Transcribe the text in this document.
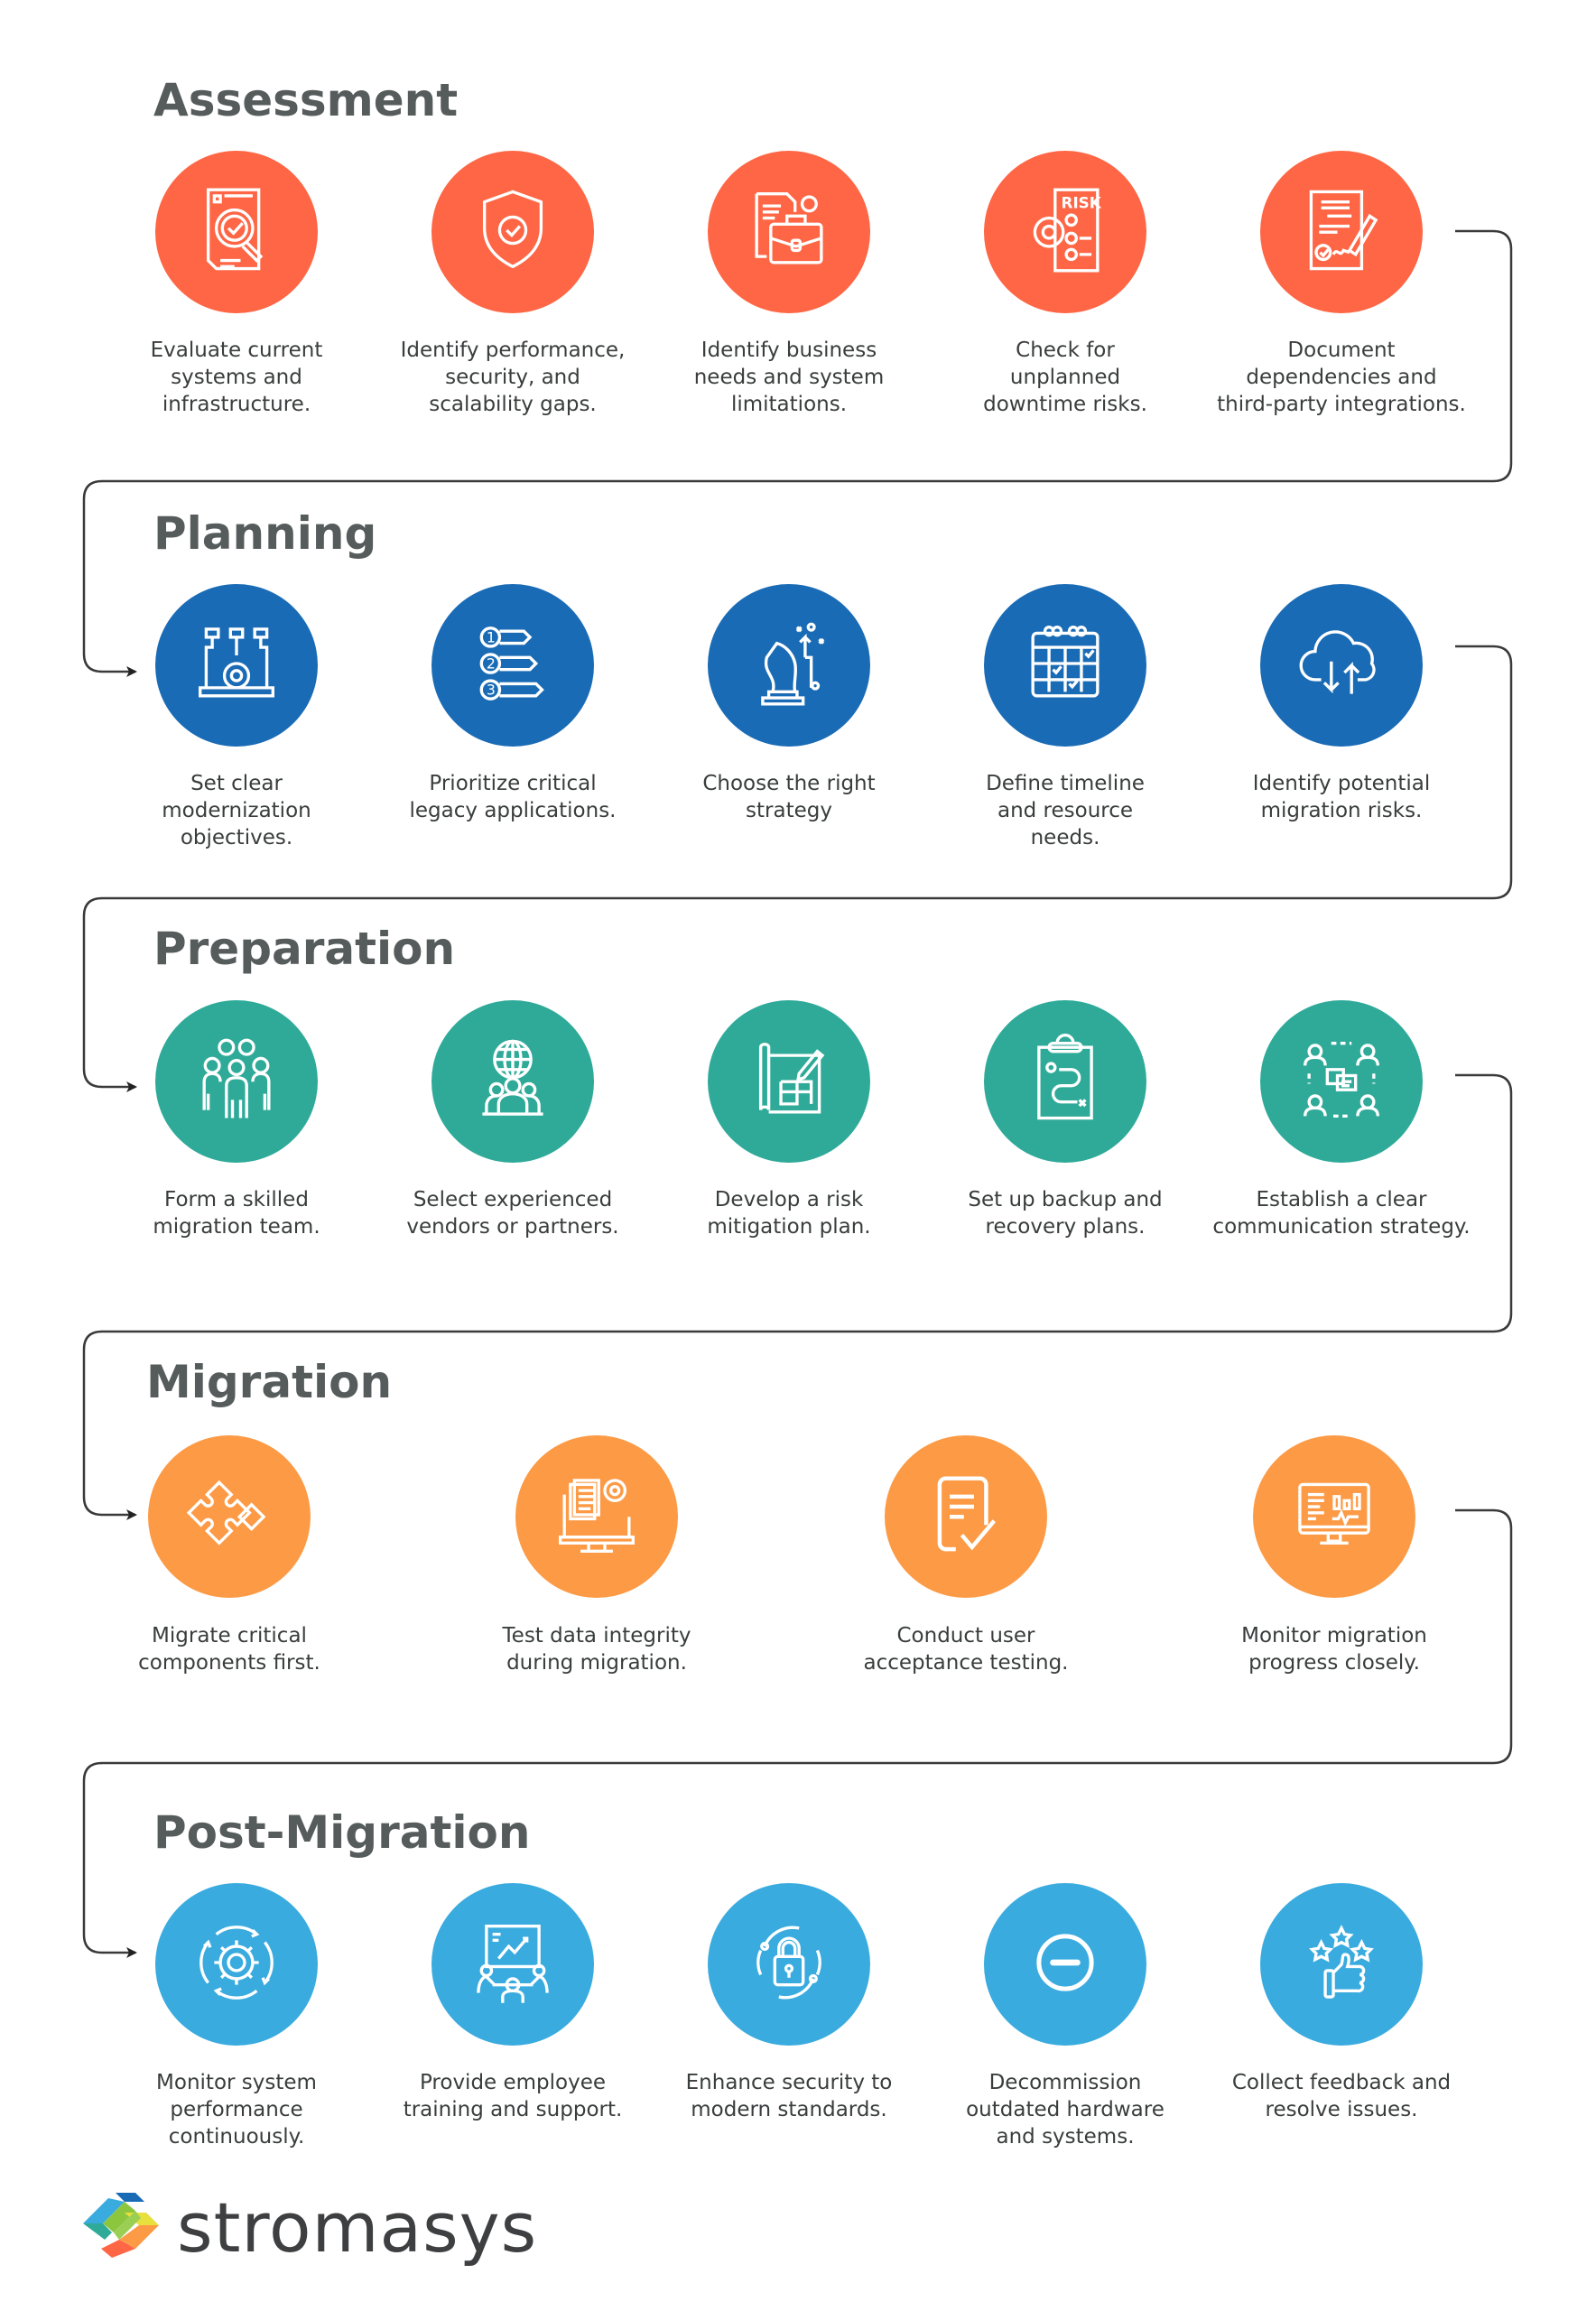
Assessment
Evaluate current
systems and
infrastructure.
Identify performance,
security, and
scalability gaps.
Identify business
needs and system
limitations.
RISK
Check for
unplanned
downtime risks.
Document
dependencies and
third-party integrations.
Planning
Set clear
modernization
objectives.
1
2
3
Prioritize critical
legacy applications.
Choose the right
strategy
Define timeline
and resource
needs.
Identify potential
migration risks.
Preparation
Form a skilled
migration team.
Select experienced
vendors or partners.
Develop a risk
mitigation plan.
Set up backup and
recovery plans.
Establish a clear
communication strategy.
Migration
Migrate critical
components first.
Test data integrity
during migration.
Conduct user
acceptance testing.
Monitor migration
progress closely.
Post-Migration
Monitor system
performance
continuously.
Provide employee
training and support.
Enhance security to
modern standards.
Decommission
outdated hardware
and systems.
Collect feedback and
resolve issues.
stromasys
